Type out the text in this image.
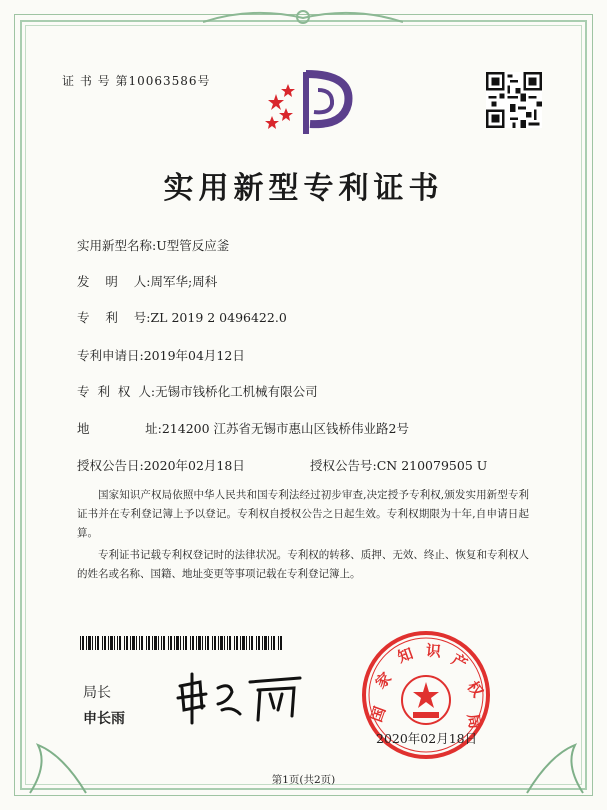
证 书 号 第10063586号
实用新型专利证书
实用新型名称:U型管反应釜
发    明    人:周军华;周科
专    利    号:ZL 2019 2 0496422.0
专利申请日:2019年04月12日
专  利  权  人:无锡市钱桥化工机械有限公司
地              址:214200 江苏省无锡市惠山区钱桥伟业路2号
授权公告日:2020年02月18日	授权公告号:CN 210079505 U
国家知识产权局依照中华人民共和国专利法经过初步审查,决定授予专利权,颁发实用新型专利证书并在专利登记簿上予以登记。专利权自授权公告之日起生效。专利权期限为十年,自申请日起算。
专利证书记载专利权登记时的法律状况。专利权的转移、质押、无效、终止、恢复和专利权人的姓名或名称、国籍、地址变更等事项记载在专利登记簿上。
局长
申长雨	国
家
知 识 产
权
局
2020年02月18日
第1页(共2页)
